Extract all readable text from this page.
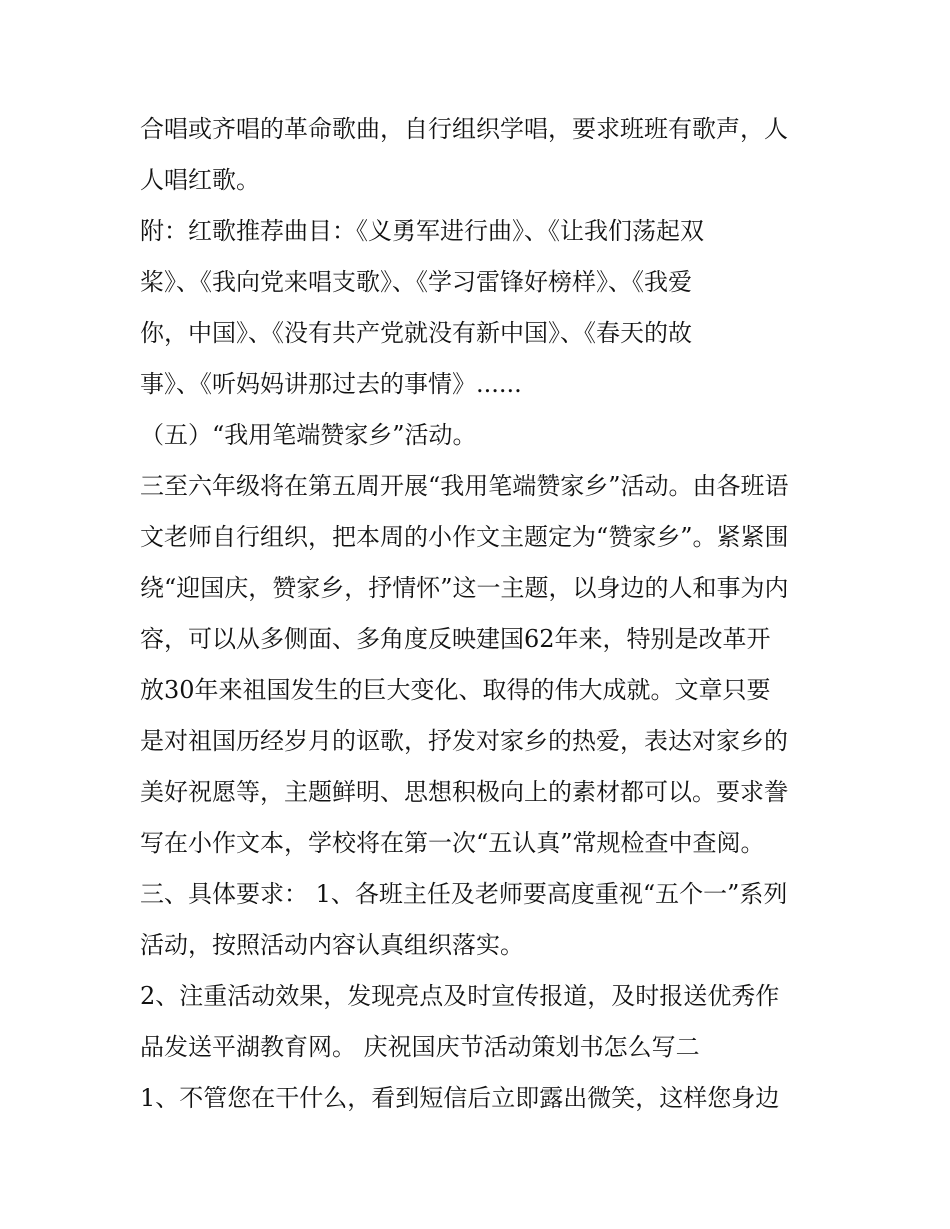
合唱或齐唱的革命歌曲，自行组织学唱，要求班班有歌声，人
人唱红歌。
附：红歌推荐曲目：《义勇军进行曲》、《让我们荡起双
桨》、《我向党来唱支歌》、《学习雷锋好榜样》、《我爱
你，中国》、《没有共产党就没有新中国》、《春天的故
事》、《听妈妈讲那过去的事情》......
（五）“我用笔端赞家乡”活动。
三至六年级将在第五周开展“我用笔端赞家乡”活动。由各班语
文老师自行组织，把本周的小作文主题定为“赞家乡”。紧紧围
绕“迎国庆，赞家乡，抒情怀”这一主题，以身边的人和事为内
容，可以从多侧面、多角度反映建国62年来，特别是改革开
放30年来祖国发生的巨大变化、取得的伟大成就。文章只要
是对祖国历经岁月的讴歌，抒发对家乡的热爱，表达对家乡的
美好祝愿等，主题鲜明、思想积极向上的素材都可以。要求誊
写在小作文本，学校将在第一次“五认真”常规检查中查阅。
三、具体要求： 1、各班主任及老师要高度重视“五个一”系列
活动，按照活动内容认真组织落实。
2、注重活动效果，发现亮点及时宣传报道，及时报送优秀作
品发送平湖教育网。 庆祝国庆节活动策划书怎么写二
1、不管您在干什么，看到短信后立即露出微笑，这样您身边
